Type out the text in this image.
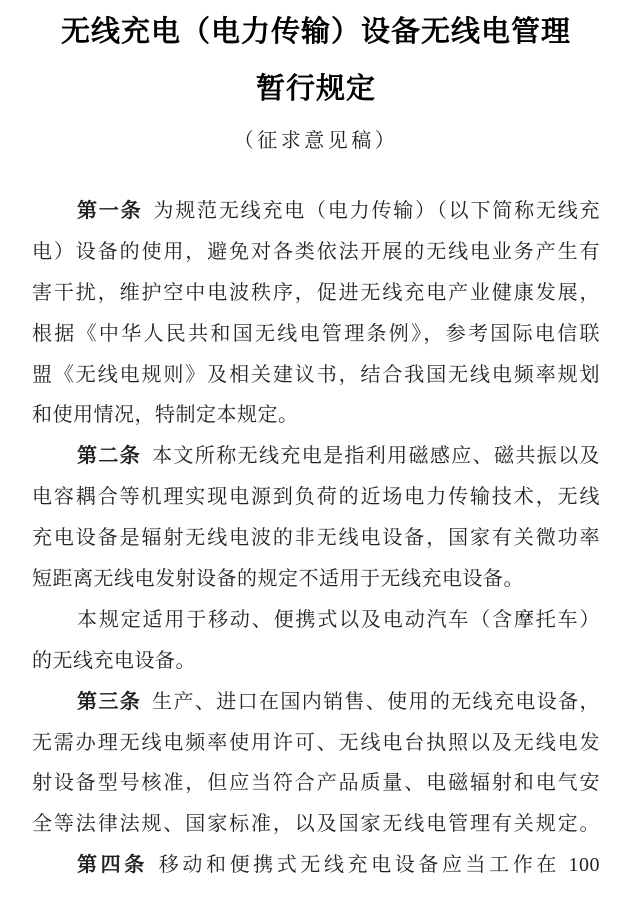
无线充电（电力传输）设备无线电管理
暂行规定
（征求意见稿）
第一条 为规范无线充电（电力传输）（以下简称无线充
电）设备的使用，避免对各类依法开展的无线电业务产生有
害干扰，维护空中电波秩序，促进无线充电产业健康发展，
根据《中华人民共和国无线电管理条例》，参考国际电信联
盟《无线电规则》及相关建议书，结合我国无线电频率规划
和使用情况，特制定本规定。
第二条 本文所称无线充电是指利用磁感应、磁共振以及
电容耦合等机理实现电源到负荷的近场电力传输技术，无线
充电设备是辐射无线电波的非无线电设备，国家有关微功率
短距离无线电发射设备的规定不适用于无线充电设备。
本规定适用于移动、便携式以及电动汽车（含摩托车）
的无线充电设备。
第三条 生产、进口在国内销售、使用的无线充电设备，
无需办理无线电频率使用许可、无线电台执照以及无线电发
射设备型号核准，但应当符合产品质量、电磁辐射和电气安
全等法律法规、国家标准，以及国家无线电管理有关规定。
第四条 移动和便携式无线充电设备应当工作在 100
